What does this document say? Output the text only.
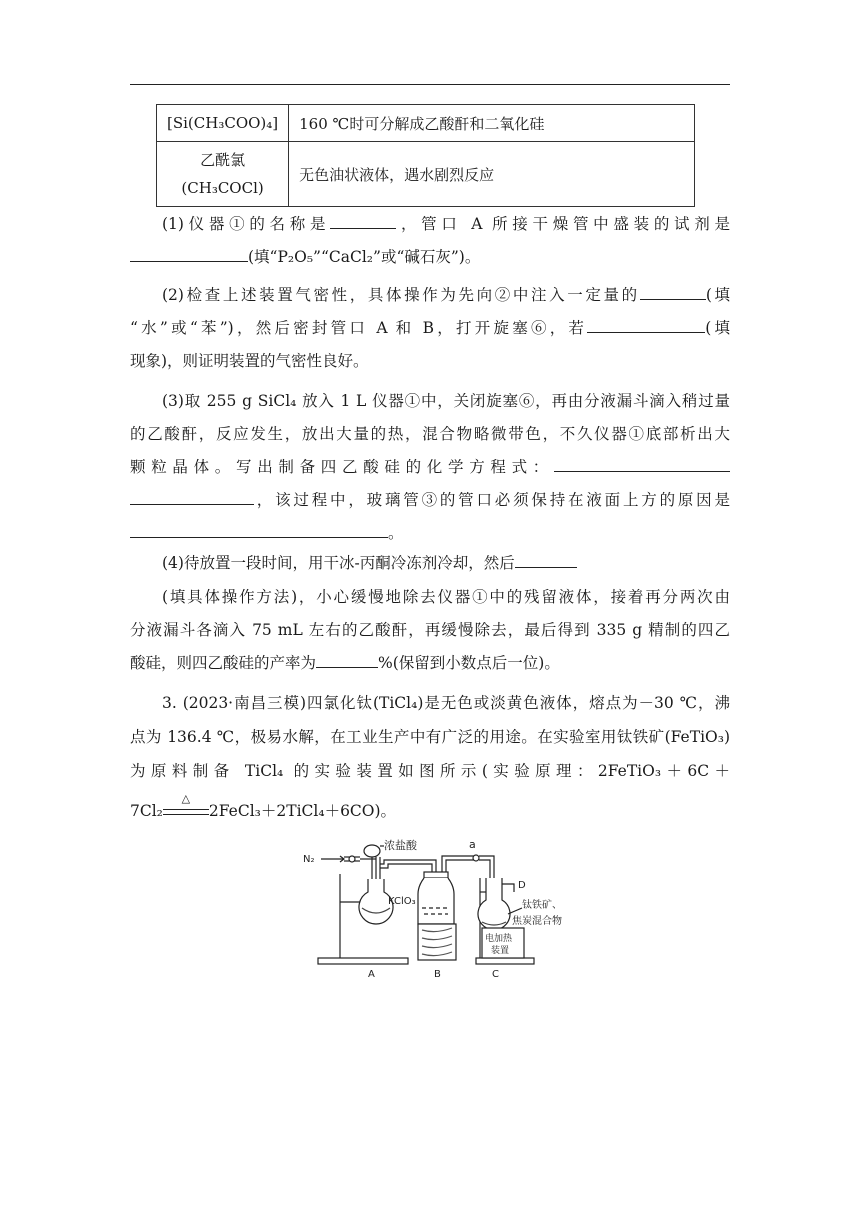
[Si(CH₃COO)₄]	160 ℃时可分解成乙酸酐和二氧化硅

乙酰氯
(CH₃COCl)	无色油状液体，遇水剧烈反应
(1)仪器①的名称是	，管口 A 所接干燥管中盛装的试剂是
(填“P₂O₅”“CaCl₂”或“碱石灰”)。
(2)检查上述装置气密性，具体操作为先向②中注入一定量的	(填
“水”或“苯”)，然后密封管口 A 和 B，打开旋塞⑥，若	(填
现象)，则证明装置的气密性良好。
(3)取 255 g SiCl₄ 放入 1 L 仪器①中，关闭旋塞⑥，再由分液漏斗滴入稍过量
的乙酸酐，反应发生，放出大量的热，混合物略微带色，不久仪器①底部析出大
颗粒晶体。写出制备四乙酸硅的化学方程式：
，该过程中，玻璃管③的管口必须保持在液面上方的原因是
。
(4)待放置一段时间，用干冰-丙酮冷冻剂冷却，然后
(填具体操作方法)，小心缓慢地除去仪器①中的残留液体，接着再分两次由
分液漏斗各滴入 75 mL 左右的乙酸酐，再缓慢除去，最后得到 335 g 精制的四乙
酸硅，则四乙酸硅的产率为	%(保留到小数点后一位)。
3. (2023·南昌三模)四氯化钛(TiCl₄)是无色或淡黄色液体，熔点为－30 ℃，沸
点为 136.4 ℃，极易水解，在工业生产中有广泛的用途。在实验室用钛铁矿(FeTiO₃)
为原料制备 TiCl₄ 的实验装置如图所示(实验原理：2FeTiO₃＋6C＋
7Cl₂
△
2FeCl₃＋2TiCl₄＋6CO)。
N₂
浓盐酸
KClO₃
a
D
钛铁矿、
焦炭混合物
电加热
装置
A	B	C
